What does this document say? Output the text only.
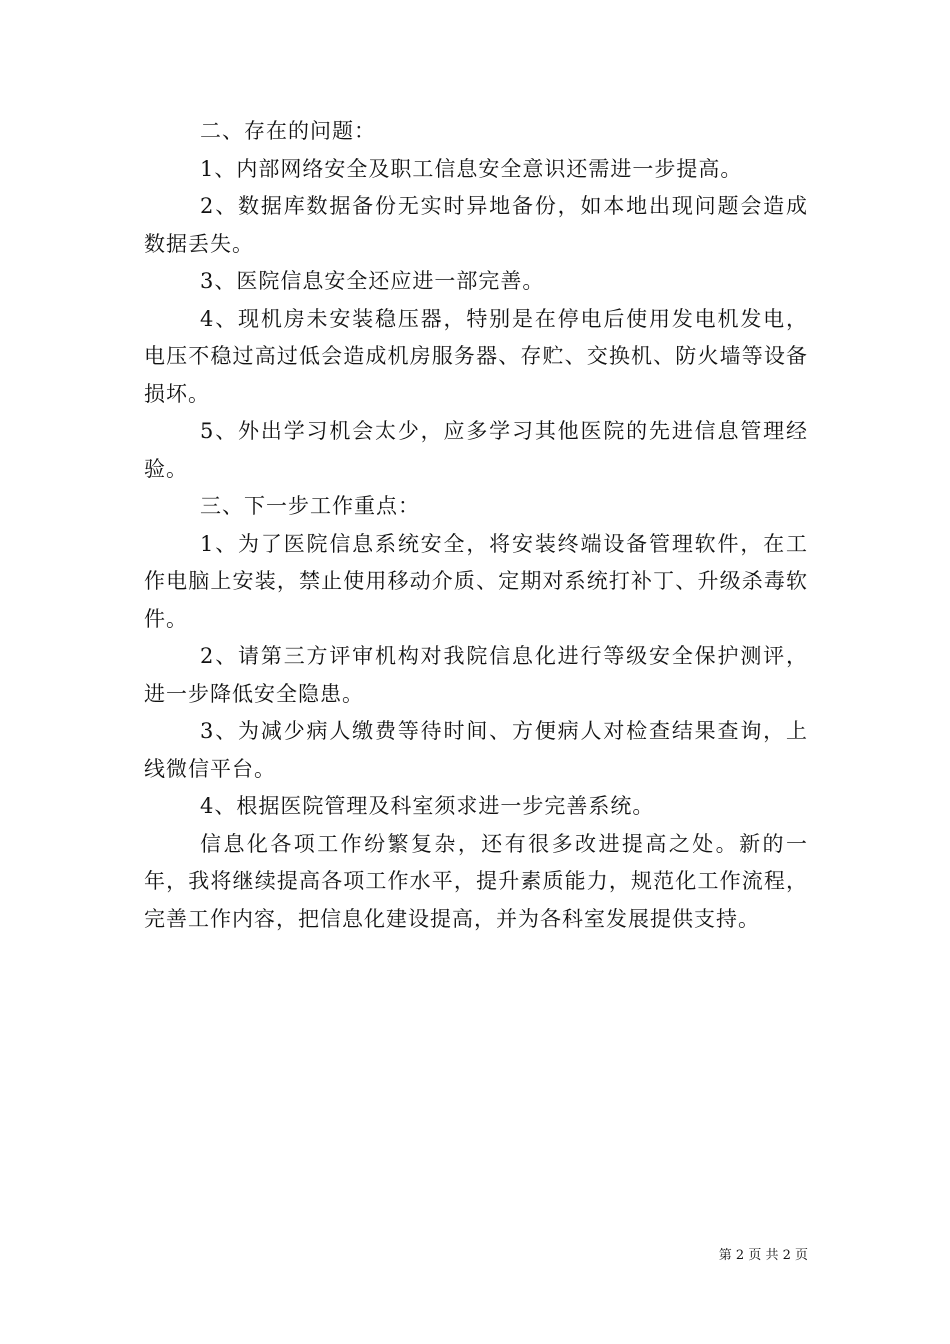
二、存在的问题：

1、内部网络安全及职工信息安全意识还需进一步提高。

2、数据库数据备份无实时异地备份，如本地出现问题会造成数据丢失。

3、医院信息安全还应进一部完善。

4、现机房未安装稳压器，特别是在停电后使用发电机发电，电压不稳过高过低会造成机房服务器、存贮、交换机、防火墙等设备损坏。

5、外出学习机会太少，应多学习其他医院的先进信息管理经验。

三、下一步工作重点：

1、为了医院信息系统安全，将安装终端设备管理软件，在工作电脑上安装，禁止使用移动介质、定期对系统打补丁、升级杀毒软件。

2、请第三方评审机构对我院信息化进行等级安全保护测评，进一步降低安全隐患。

3、为减少病人缴费等待时间、方便病人对检查结果查询，上线微信平台。

4、根据医院管理及科室须求进一步完善系统。

信息化各项工作纷繁复杂，还有很多改进提高之处。新的一年，我将继续提高各项工作水平，提升素质能力，规范化工作流程，完善工作内容，把信息化建设提高，并为各科室发展提供支持。

第 2 页 共 2 页
